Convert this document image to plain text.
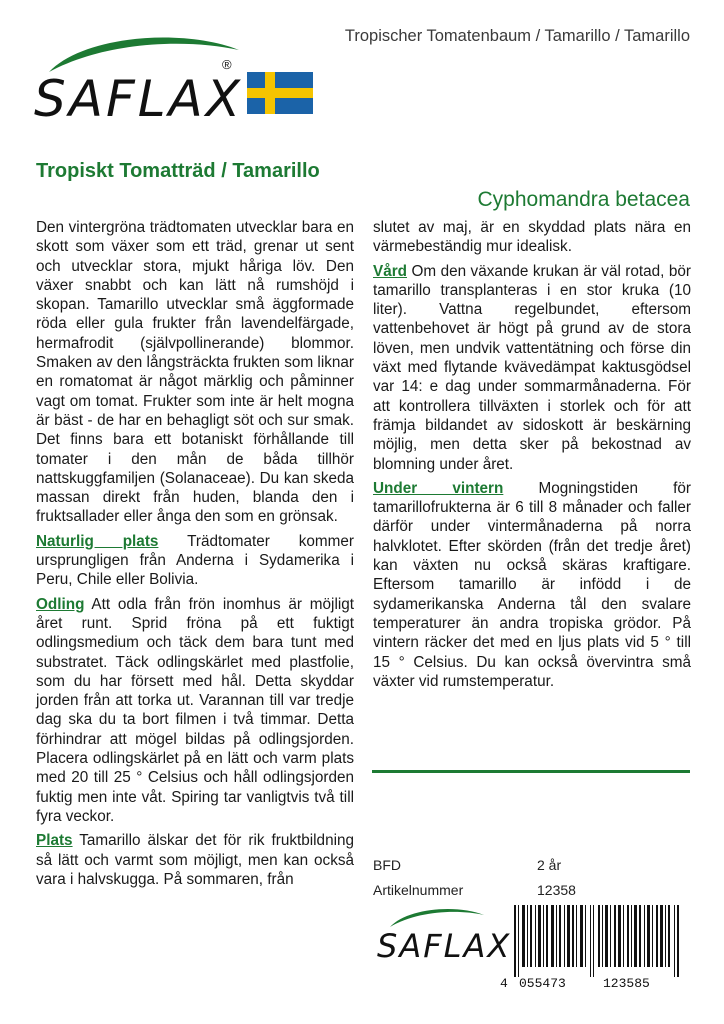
SAFLAX
®
Tropischer Tomatenbaum / Tamarillo / Tamarillo
Tropiskt Tomatträd / Tamarillo
Cyphomandra betacea

Den vintergröna trädtomaten utvecklar bara en skott som växer som ett träd, grenar ut sent och utvecklar stora, mjukt håriga löv. Den växer snabbt och kan lätt nå rumshöjd i skopan. Tamarillo utvecklar små äggformade röda eller gula frukter från lavendelfärgade, hermafrodit (självpollinerande) blommor. Smaken av den långsträckta frukten som liknar en romatomat är något märklig och påminner vagt om tomat. Frukter som inte är helt mogna är bäst - de har en behagligt söt och sur smak. Det finns bara ett botaniskt förhållande till tomater i den mån de båda tillhör nattskuggfamiljen (Solanaceae). Du kan skeda massan direkt från huden, blanda den i fruktsallader eller ånga den som en grönsak.

Naturlig plats Trädtomater kommer ursprungligen från Anderna i Sydamerika i Peru, Chile eller Bolivia.

Odling Att odla från frön inomhus är möjligt året runt. Sprid fröna på ett fuktigt odlingsmedium och täck dem bara tunt med substratet. Täck odlingskärlet med plastfolie, som du har försett med hål. Detta skyddar jorden från att torka ut. Varannan till var tredje dag ska du ta bort filmen i två timmar. Detta förhindrar att mögel bildas på odlingsjorden. Placera odlingskärlet på en lätt och varm plats med 20 till 25 ° Celsius och håll odlingsjorden fuktig men inte våt. Spiring tar vanligtvis två till fyra veckor.

Plats Tamarillo älskar det för rik fruktbildning så lätt och varmt som möjligt, men kan också vara i halvskugga. På sommaren, från

slutet av maj, är en skyddad plats nära en värmebeständig mur idealisk.

Vård Om den växande krukan är väl rotad, bör tamarillo transplanteras i en stor kruka (10 liter). Vattna regelbundet, eftersom vattenbehovet är högt på grund av de stora löven, men undvik vattentätning och förse din växt med flytande kvävedämpat kaktusgödsel var 14: e dag under sommarmånaderna. För att kontrollera tillväxten i storlek och för att främja bildandet av sidoskott är beskärning möjlig, men detta sker på bekostnad av blomning under året.

Under vintern Mogningstiden för tamarillofrukterna är 6 till 8 månader och faller därför under vintermånaderna på norra halvklotet. Efter skörden (från det tredje året) kan växten nu också skäras kraftigare. Eftersom tamarillo är infödd i de sydamerikanska Anderna tål den svalare temperaturer än andra tropiska grödor. På vintern räcker det med en ljus plats vid 5 ° till 15 ° Celsius. Du kan också övervintra små växter vid rumstemperatur.

BFD	2 år
Artikelnummer	12358
SAFLAX
4 055473	123585
